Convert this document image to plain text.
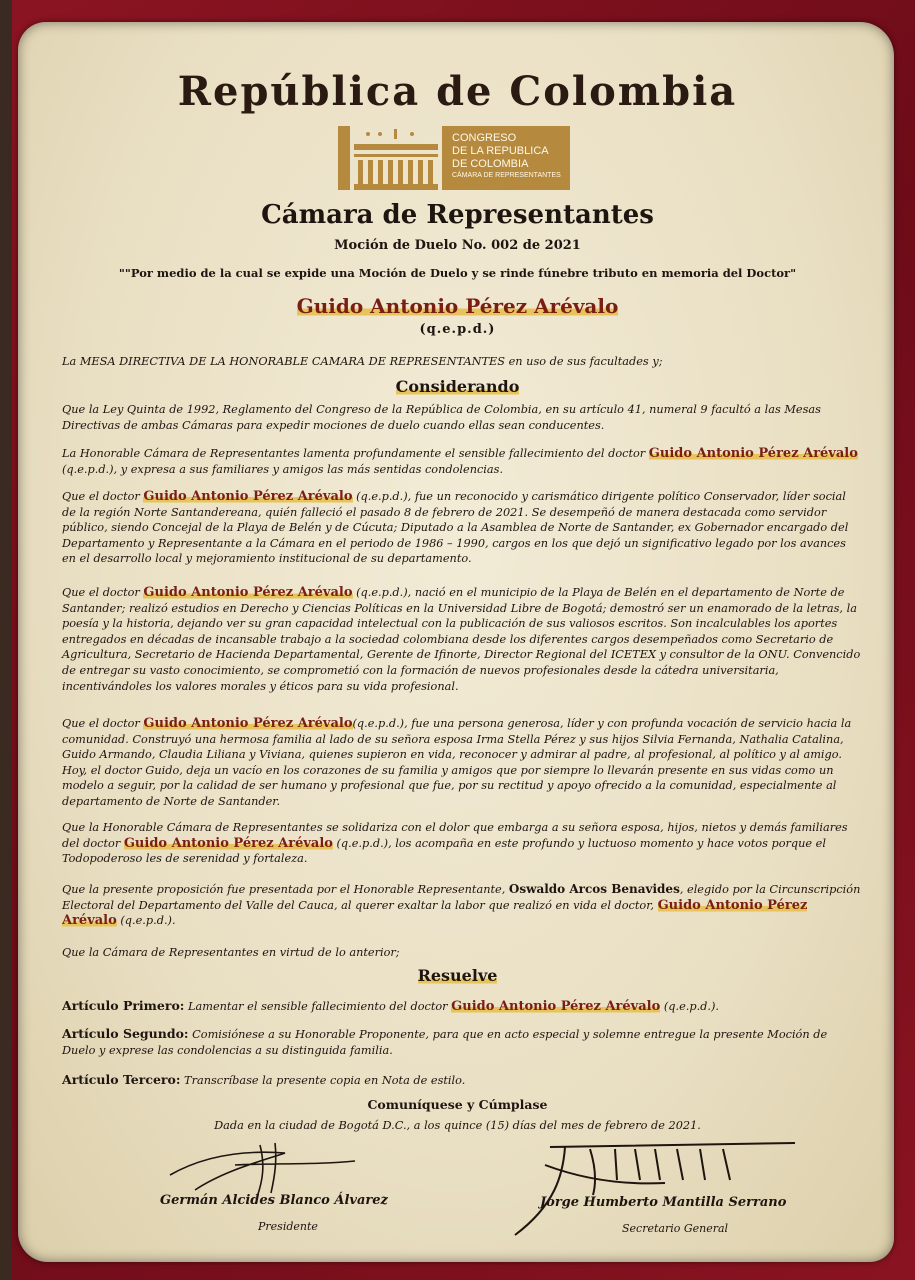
República de Colombia
CONGRESO
DE LA REPUBLICA
DE COLOMBIA
CÁMARA DE REPRESENTANTES
Cámara de Representantes
Moción de Duelo No. 002 de 2021
""Por medio de la cual se expide una Moción de Duelo y se rinde fúnebre tributo en memoria del Doctor"
Guido Antonio Pérez Arévalo
(q.e.p.d.)
La MESA DIRECTIVA DE LA HONORABLE CAMARA DE REPRESENTANTES en uso de sus facultades y;
Considerando
Que la Ley Quinta de 1992, Reglamento del Congreso de la República de Colombia, en su artículo 41, numeral 9 facultó a las Mesas Directivas de ambas Cámaras para expedir mociones de duelo cuando ellas sean conducentes.
La Honorable Cámara de Representantes lamenta profundamente el sensible fallecimiento del doctor Guido Antonio Pérez Arévalo (q.e.p.d.), y expresa a sus familiares y amigos las más sentidas condolencias.
Que el doctor Guido Antonio Pérez Arévalo (q.e.p.d.), fue un reconocido y carismático dirigente político Conservador, líder social de la región Norte Santandereana, quién falleció el pasado 8 de febrero de 2021. Se desempeñó de manera destacada como servidor público, siendo Concejal de la Playa de Belén y de Cúcuta; Diputado a la Asamblea de Norte de Santander, ex Gobernador encargado del Departamento y Representante a la Cámara en el periodo de 1986 – 1990, cargos en los que dejó un significativo legado por los avances en el desarrollo local y mejoramiento institucional de su departamento.
Que el doctor Guido Antonio Pérez Arévalo (q.e.p.d.), nació en el municipio de la Playa de Belén en el departamento de Norte de Santander; realizó estudios en Derecho y Ciencias Políticas en la Universidad Libre de Bogotá; demostró ser un enamorado de la letras, la poesía y la historia, dejando ver su gran capacidad intelectual con la publicación de sus valiosos escritos. Son incalculables los aportes entregados en décadas de incansable trabajo a la sociedad colombiana desde los diferentes cargos desempeñados como Secretario de Agricultura, Secretario de Hacienda Departamental, Gerente de Ifinorte, Director Regional del ICETEX y consultor de la ONU. Convencido de entregar su vasto conocimiento, se comprometió con la formación de nuevos profesionales desde la cátedra universitaria, incentivándoles los valores morales y éticos para su vida profesional.
Que el doctor Guido Antonio Pérez Arévalo(q.e.p.d.), fue una persona generosa, líder y con profunda vocación de servicio hacia la comunidad. Construyó una hermosa familia al lado de su señora esposa Irma Stella Pérez y sus hijos Silvia Fernanda, Nathalia Catalina, Guido Armando, Claudia Liliana y Viviana, quienes supieron en vida, reconocer y admirar al padre, al profesional, al político y al amigo. Hoy, el doctor Guido, deja un vacío en los corazones de su familia y amigos que por siempre lo llevarán presente en sus vidas como un modelo a seguir, por la calidad de ser humano y profesional que fue, por su rectitud y apoyo ofrecido a la comunidad, especialmente al departamento de Norte de Santander.
Que la Honorable Cámara de Representantes se solidariza con el dolor que embarga a su señora esposa, hijos, nietos y demás familiares del doctor Guido Antonio Pérez Arévalo (q.e.p.d.), los acompaña en este profundo y luctuoso momento y hace votos porque el Todopoderoso les de serenidad y fortaleza.
Que la presente proposición fue presentada por el Honorable Representante, Oswaldo Arcos Benavides, elegido por la Circunscripción Electoral del Departamento del Valle del Cauca, al querer exaltar la labor que realizó en vida el doctor, Guido Antonio Pérez Arévalo (q.e.p.d.).
Que la Cámara de Representantes en virtud de lo anterior;
Resuelve
Artículo Primero: Lamentar el sensible fallecimiento del doctor Guido Antonio Pérez Arévalo (q.e.p.d.).
Artículo Segundo: Comisiónese a su Honorable Proponente, para que en acto especial y solemne entregue la presente Moción de Duelo y exprese las condolencias a su distinguida familia.
Artículo Tercero: Transcríbase la presente copia en Nota de estilo.
Comuníquese y Cúmplase
Dada en la ciudad de Bogotá D.C., a los quince (15) días del mes de febrero de 2021.
Germán Alcides Blanco Álvarez
Presidente
Jorge Humberto Mantilla Serrano
Secretario General
